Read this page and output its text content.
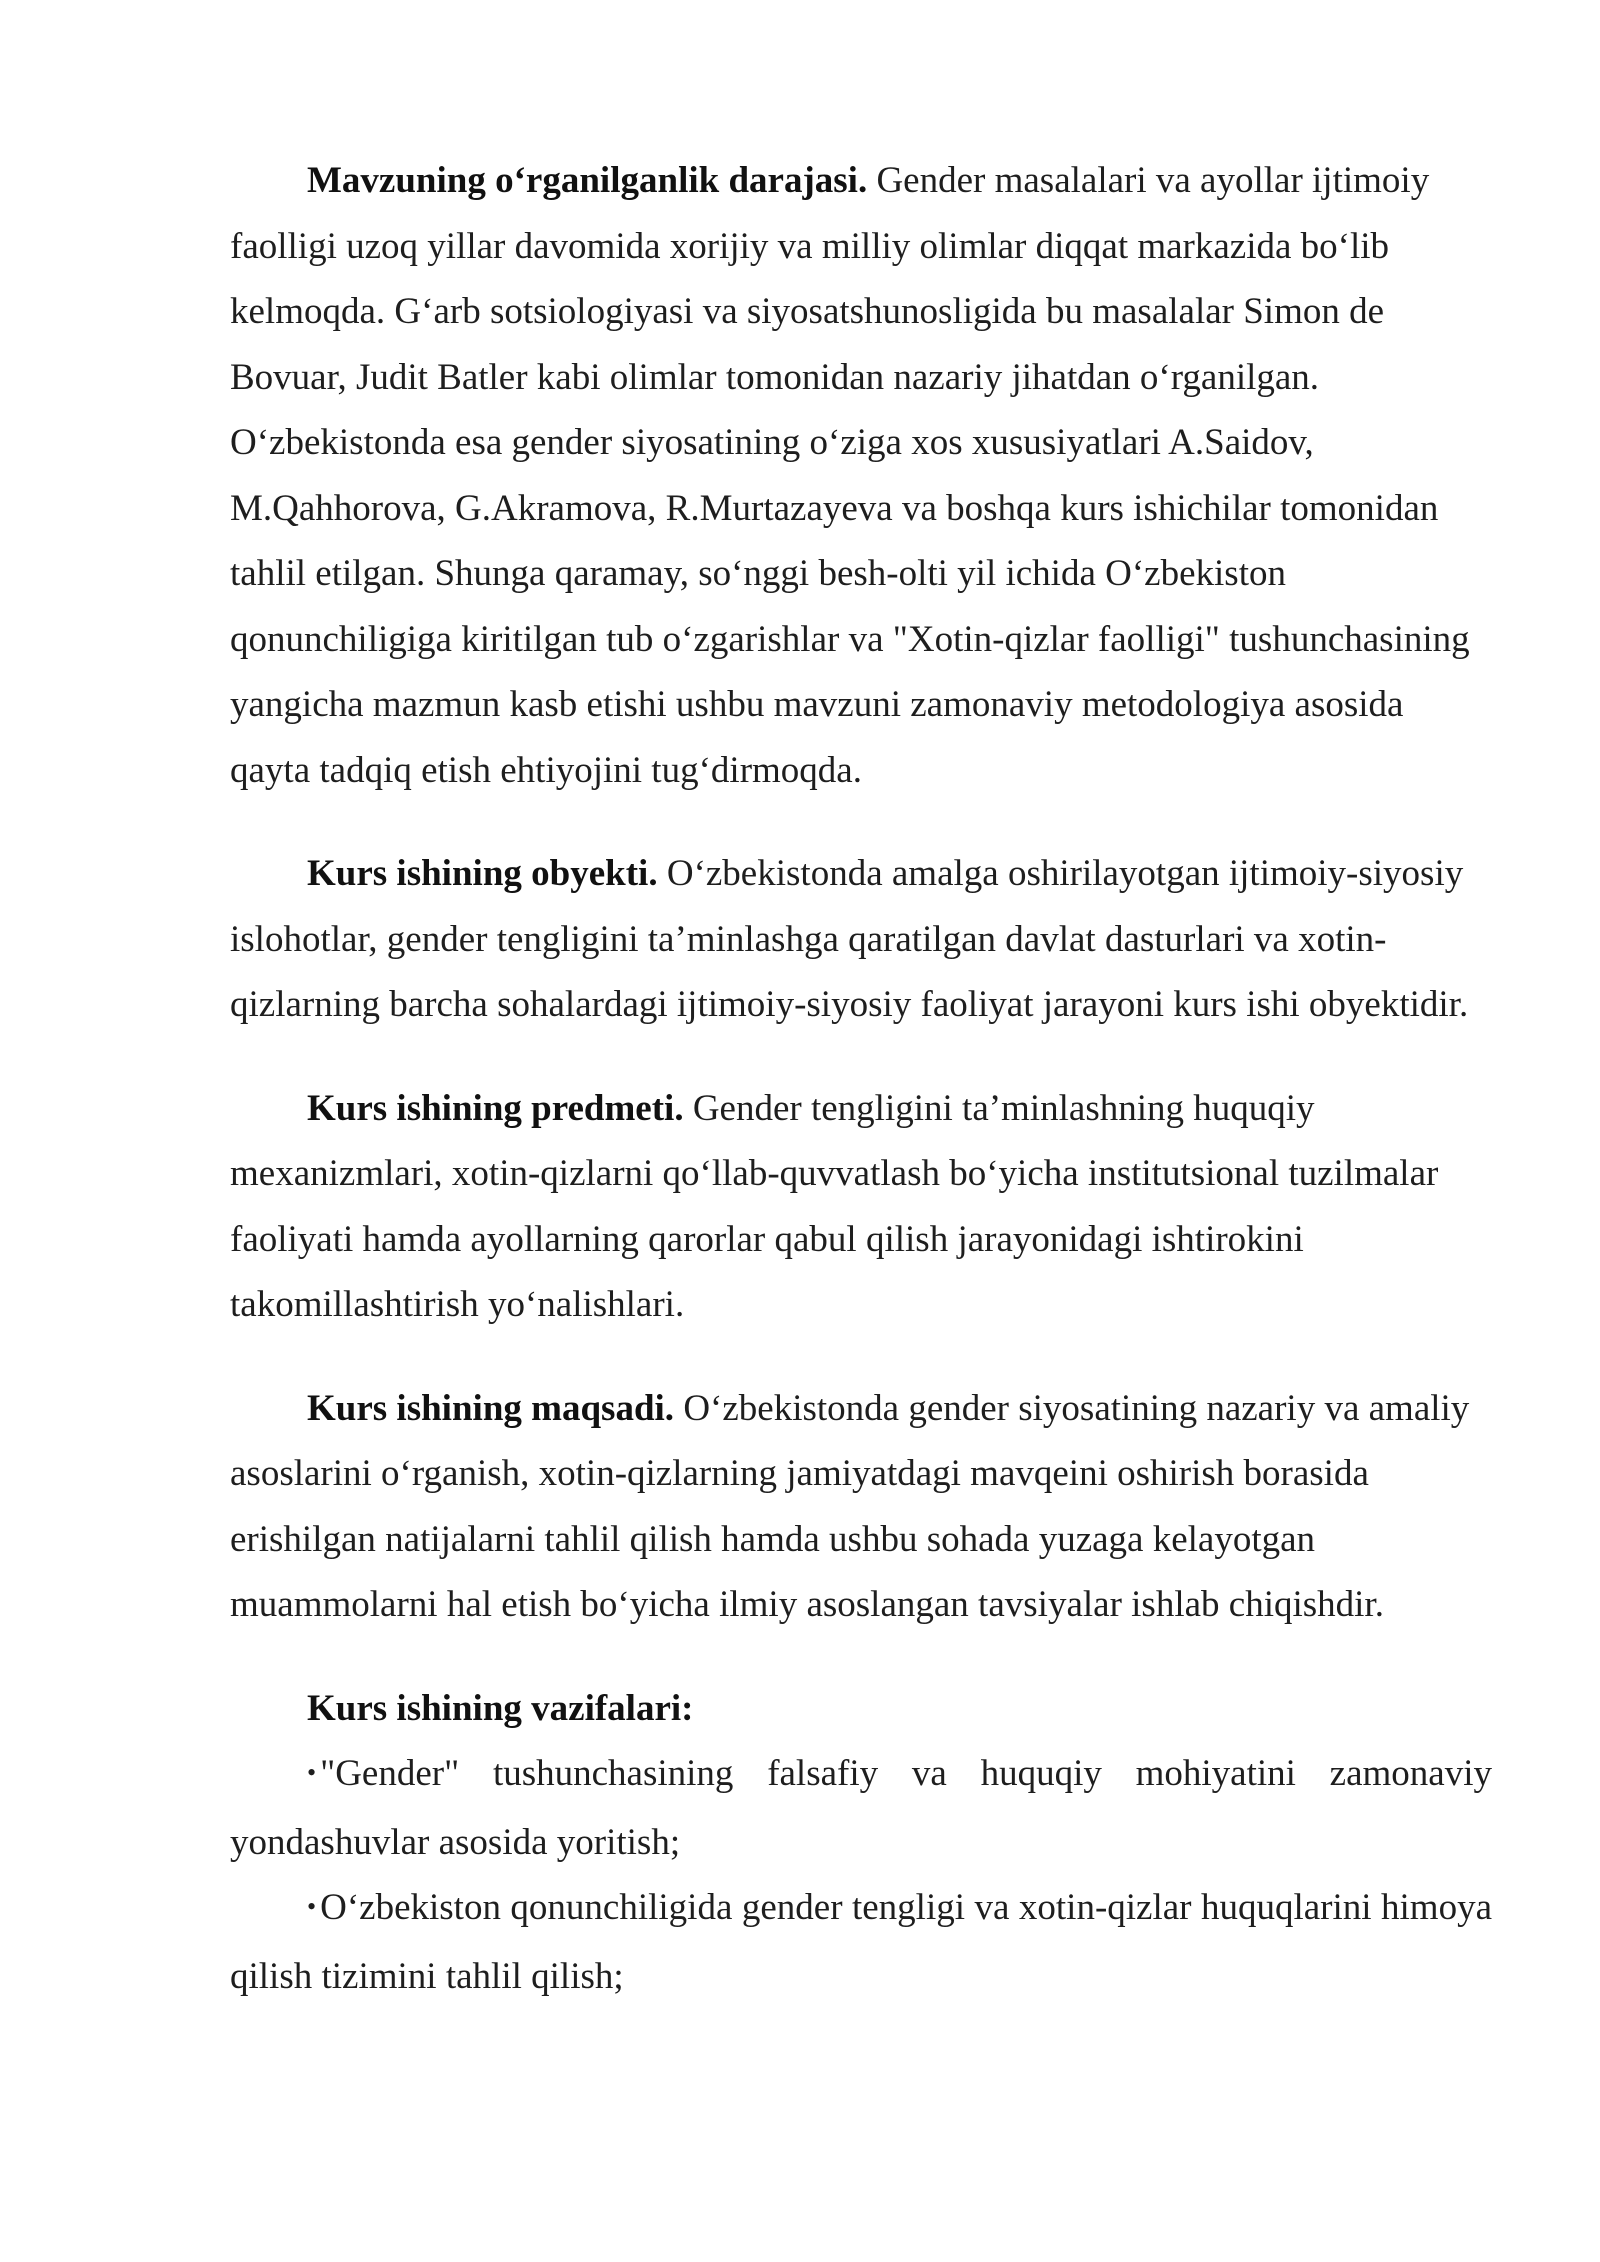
Mavzuning o‘rganilganlik darajasi. Gender masalalari va ayollar ijtimoiy faolligi uzoq yillar davomida xorijiy va milliy olimlar diqqat markazida bo‘lib kelmoqda. G‘arb sotsiologiyasi va siyosatshunosligida bu masalalar Simon de Bovuar, Judit Batler kabi olimlar tomonidan nazariy jihatdan o‘rganilgan. O‘zbekistonda esa gender siyosatining o‘ziga xos xususiyatlari A.Saidov, M.Qahhorova, G.Akramova, R.Murtazayeva va boshqa kurs ishichilar tomonidan tahlil etilgan. Shunga qaramay, so‘nggi besh-olti yil ichida O‘zbekiston qonunchiligiga kiritilgan tub o‘zgarishlar va "Xotin-qizlar faolligi" tushunchasining yangicha mazmun kasb etishi ushbu mavzuni zamonaviy metodologiya asosida qayta tadqiq etish ehtiyojini tug‘dirmoqda.

Kurs ishining obyekti. O‘zbekistonda amalga oshirilayotgan ijtimoiy-siyosiy islohotlar, gender tengligini ta’minlashga qaratilgan davlat dasturlari va xotin-qizlarning barcha sohalardagi ijtimoiy-siyosiy faoliyat jarayoni kurs ishi obyektidir.

Kurs ishining predmeti. Gender tengligini ta’minlashning huquqiy mexanizmlari, xotin-qizlarni qo‘llab-quvvatlash bo‘yicha institutsional tuzilmalar faoliyati hamda ayollarning qarorlar qabul qilish jarayonidagi ishtirokini takomillashtirish yo‘nalishlari.

Kurs ishining maqsadi. O‘zbekistonda gender siyosatining nazariy va amaliy asoslarini o‘rganish, xotin-qizlarning jamiyatdagi mavqeini oshirish borasida erishilgan natijalarni tahlil qilish hamda ushbu sohada yuzaga kelayotgan muammolarni hal etish bo‘yicha ilmiy asoslangan tavsiyalar ishlab chiqishdir.

Kurs ishining vazifalari:

• "Gender" tushunchasining falsafiy va huquqiy mohiyatini zamonaviy yondashuvlar asosida yoritish;

• O‘zbekiston qonunchiligida gender tengligi va xotin-qizlar huquqlarini himoya qilish tizimini tahlil qilish;
